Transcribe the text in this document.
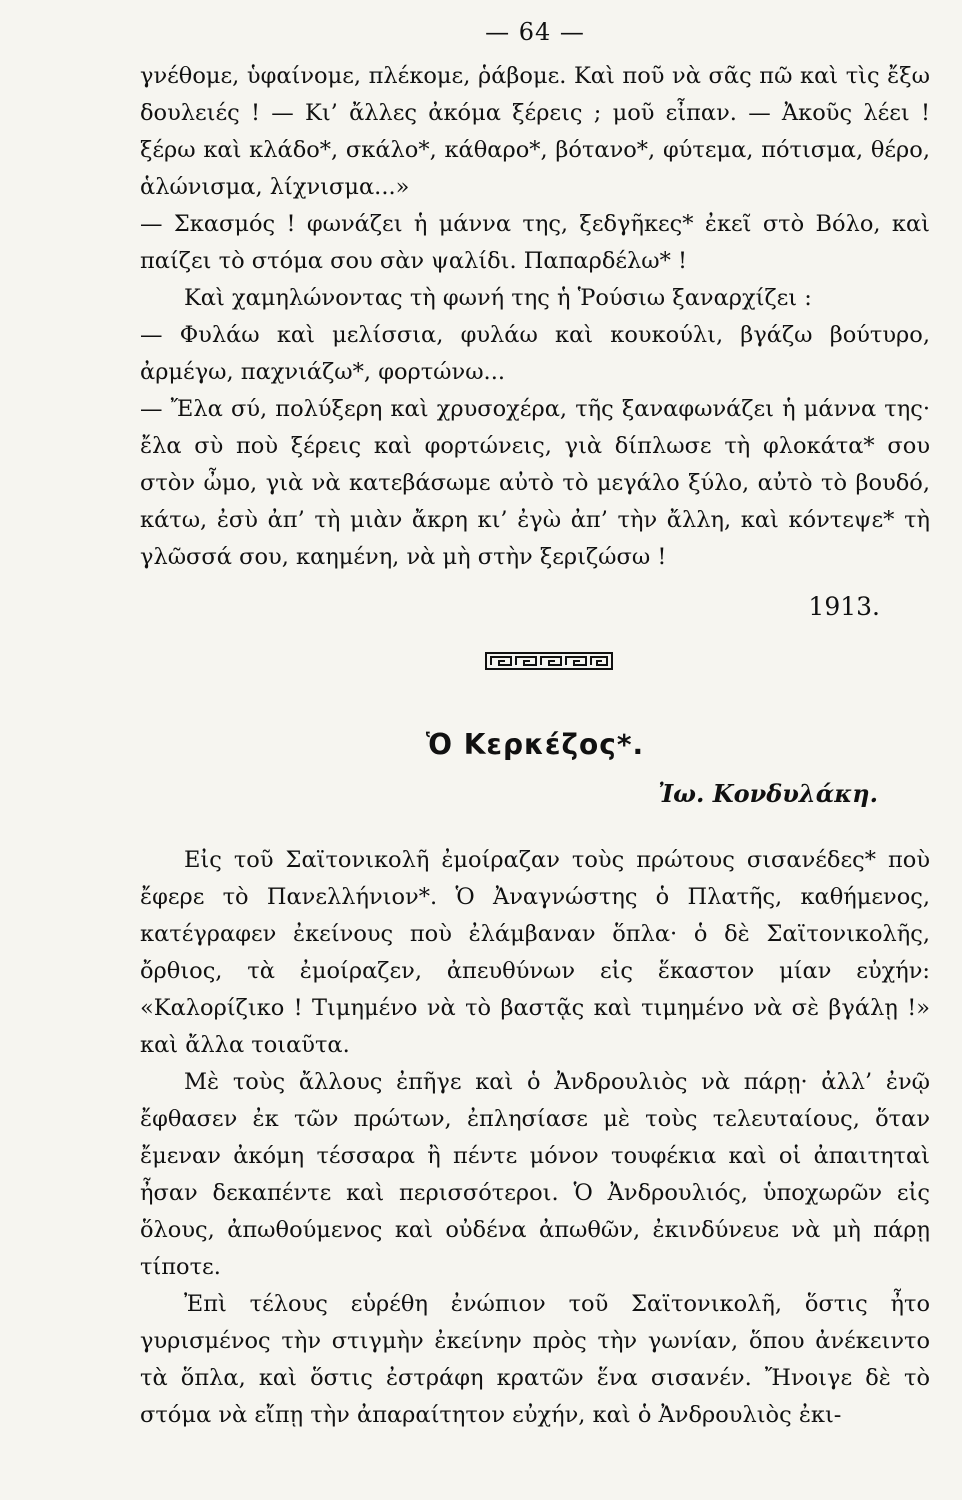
— 64 —

γνέθομε, ὑφαίνομε, πλέκομε, ῥάβομε. Καὶ ποῦ νὰ σᾶς πῶ καὶ τὶς ἔξω δουλειές ! — Κι’ ἄλλες ἀκόμα ξέρεις ; μοῦ εἶπαν. — Ἀκοῦς λέει ! ξέρω καὶ κλάδο*, σκάλο*, κάθαρο*, βότανο*, φύτεμα, πότισμα, θέρο, ἁλώνισμα, λίχνισμα...»

— Σκασμός ! φωνάζει ἡ μάννα της, ξεδγῆκες* ἐκεῖ στὸ Βόλο, καὶ παίζει τὸ στόμα σου σὰν ψαλίδι. Παπαρδέλω* !

Καὶ χαμηλώνοντας τὴ φωνή της ἡ Ῥούσιω ξαναρχίζει :

— Φυλάω καὶ μελίσσια, φυλάω καὶ κουκούλι, βγάζω βούτυρο, ἀρμέγω, παχνιάζω*, φορτώνω...

— Ἔλα σύ, πολύξερη καὶ χρυσοχέρα, τῆς ξαναφωνάζει ἡ μάννα της· ἔλα σὺ ποὺ ξέρεις καὶ φορτώνεις, γιὰ δίπλωσε τὴ φλοκάτα* σου στὸν ὦμο, γιὰ νὰ κατεβάσωμε αὐτὸ τὸ μεγάλο ξύλο, αὐτὸ τὸ βουδό, κάτω, ἐσὺ ἀπ’ τὴ μιὰν ἄκρη κι’ ἐγὼ ἀπ’ τὴν ἄλλη, καὶ κόντεψε* τὴ γλῶσσά σου, καημένη, νὰ μὴ στὴν ξεριζώσω !

1913.
Ὁ Κερκέζος*.
Ἰω. Κονδυλάκη.

Εἰς τοῦ Σαϊτονικολῆ ἐμοίραζαν τοὺς πρώτους σισανέδες* ποὺ ἔφερε τὸ Πανελλήνιον*. Ὁ Ἀναγνώστης ὁ Πλατῆς, καθήμενος, κατέγραφεν ἐκείνους ποὺ ἐλάμβαναν ὅπλα· ὁ δὲ Σαϊτονικολῆς, ὄρθιος, τὰ ἐμοίραζεν, ἀπευθύνων εἰς ἕκαστον μίαν εὐχήν: «Καλορίζικο ! Τιμημένο νὰ τὸ βαστᾷς καὶ τιμημένο νὰ σὲ βγάλῃ !» καὶ ἄλλα τοιαῦτα.

Μὲ τοὺς ἄλλους ἐπῆγε καὶ ὁ Ἀνδρουλιὸς νὰ πάρῃ· ἀλλ’ ἐνῷ ἔφθασεν ἐκ τῶν πρώτων, ἐπλησίασε μὲ τοὺς τελευταίους, ὅταν ἔμεναν ἀκόμη τέσσαρα ἢ πέντε μόνον τουφέκια καὶ οἱ ἀπαιτηταὶ ἦσαν δεκαπέντε καὶ περισσότεροι. Ὁ Ἀνδρουλιός, ὑποχωρῶν εἰς ὅλους, ἀπωθούμενος καὶ οὐδένα ἀπωθῶν, ἐκινδύνευε νὰ μὴ πάρῃ τίποτε.

Ἐπὶ τέλους εὑρέθη ἐνώπιον τοῦ Σαϊτονικολῆ, ὅστις ἦτο γυρισμένος τὴν στιγμὴν ἐκείνην πρὸς τὴν γωνίαν, ὅπου ἀνέκειντο τὰ ὅπλα, καὶ ὅστις ἐστράφη κρατῶν ἕνα σισανέν. Ἤνοιγε δὲ τὸ στόμα νὰ εἴπῃ τὴν ἀπαραίτητον εὐχήν, καὶ ὁ Ἀνδρουλιὸς ἐκι-
